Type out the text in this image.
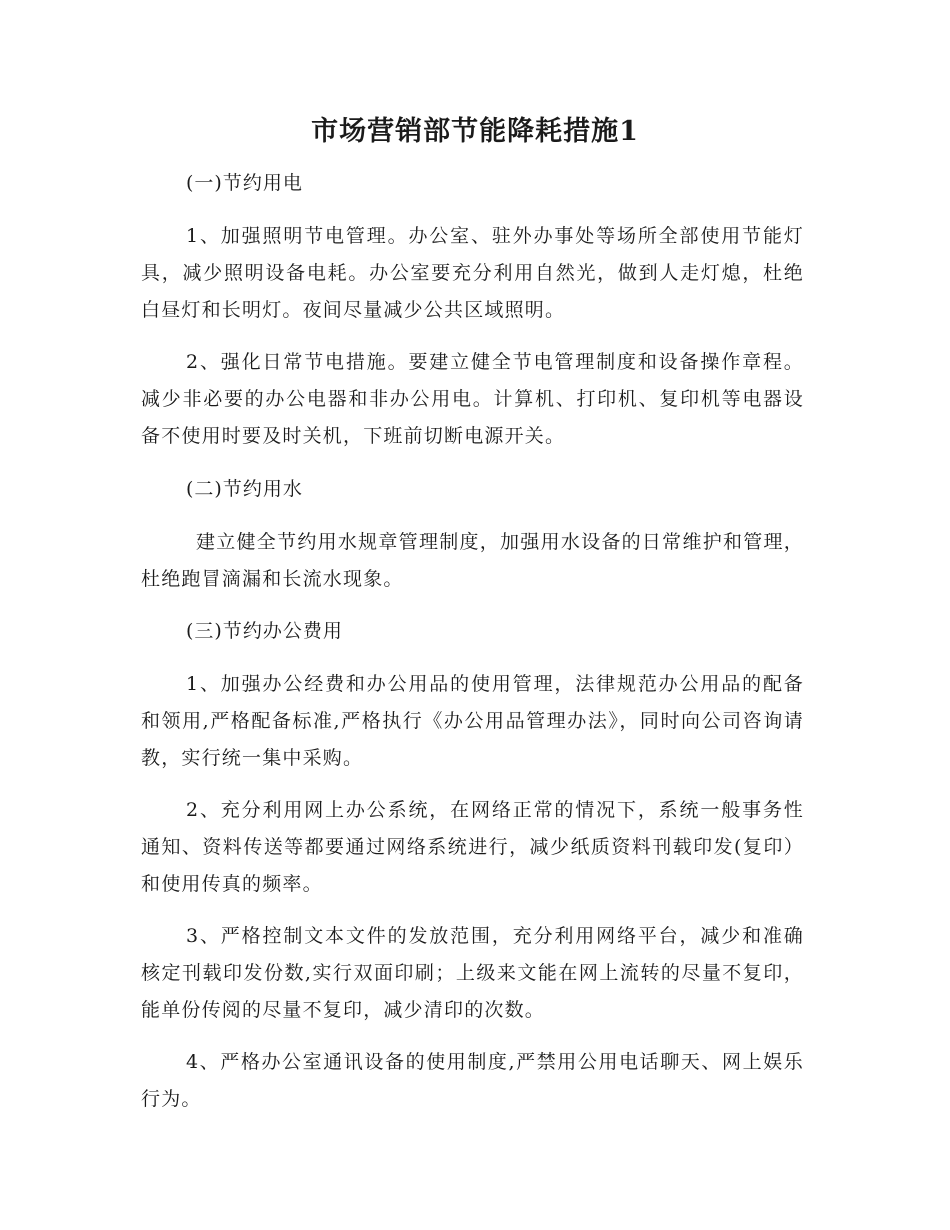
市场营销部节能降耗措施1
(一)节约用电
1、加强照明节电管理。办公室、驻外办事处等场所全部使用节能灯具，减少照明设备电耗。办公室要充分利用自然光，做到人走灯熄，杜绝白昼灯和长明灯。夜间尽量减少公共区域照明。
2、强化日常节电措施。要建立健全节电管理制度和设备操作章程。减少非必要的办公电器和非办公用电。计算机、打印机、复印机等电器设备不使用时要及时关机，下班前切断电源开关。
(二)节约用水
建立健全节约用水规章管理制度，加强用水设备的日常维护和管理，杜绝跑冒滴漏和长流水现象。
(三)节约办公费用
1、加强办公经费和办公用品的使用管理，法律规范办公用品的配备和领用,严格配备标准,严格执行《办公用品管理办法》，同时向公司咨询请教，实行统一集中采购。
2、充分利用网上办公系统，在网络正常的情况下，系统一般事务性通知、资料传送等都要通过网络系统进行，减少纸质资料刊载印发(复印）和使用传真的频率。
3、严格控制文本文件的发放范围，充分利用网络平台，减少和准确核定刊载印发份数,实行双面印刷；上级来文能在网上流转的尽量不复印，能单份传阅的尽量不复印，减少清印的次数。
4、严格办公室通讯设备的使用制度,严禁用公用电话聊天、网上娱乐行为。
